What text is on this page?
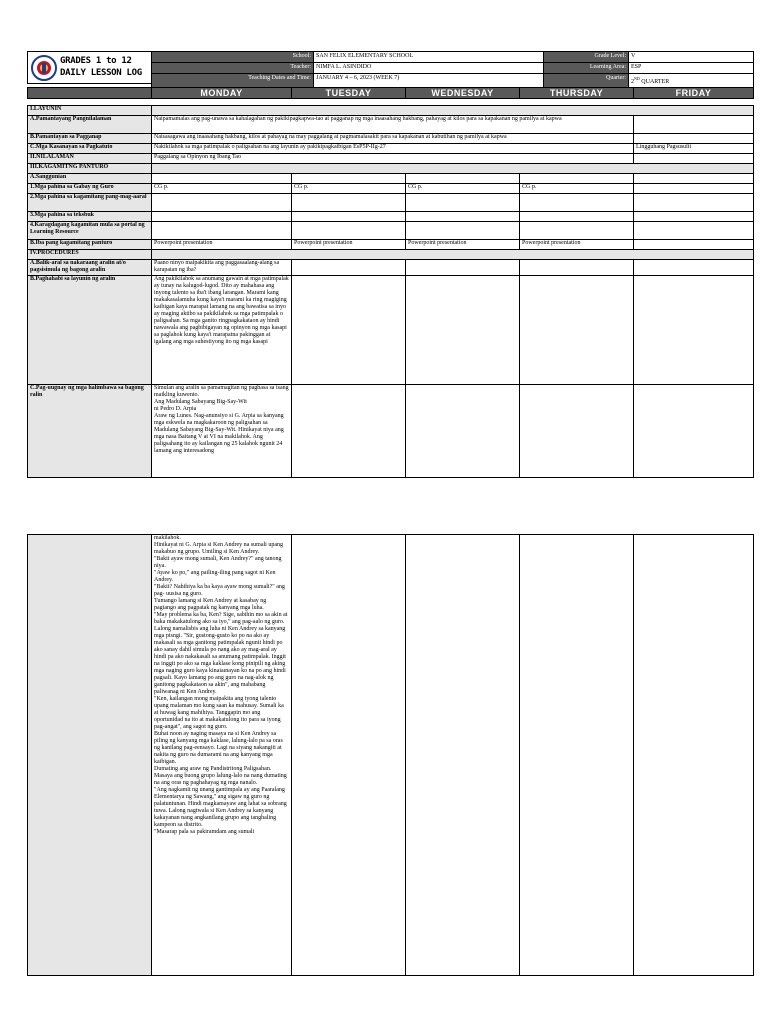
GRADES 1 to 12
DAILY LESSON LOG
School:	SAN FELIX ELEMENTARY SCHOOL	Grade Level:	V
Teacher:	NIMFA L. ASINDIDO	Learning Area:	ESP
Teaching Dates and Time:	JANUARY 4 – 6, 2023 (WEEK 7)	Quarter:	2ND QUARTER
	MONDAY	TUESDAY	WEDNESDAY	THURSDAY	FRIDAY
I.LAYUNIN					
A.Pamantayang Pangnilalaman	Naipamamalas ang pag-unawa sa kahalagahan ng pakikipagkapwa-tao at pagganap ng mga inaasahang hakbang, pahayag at kilos para sa kapakanan ng pamilya at kapwa				
B.Pamantayan sa Pagganap	Naisasagawa ang inaasahang hakbang, kilos at pahayag na may paggalang at pagmamalasakit para sa kapakanan at kabutihan ng pamilya at kapwa				
C.Mga Kasanayan sa Pagkatuto	Nakikilahok sa mga patimpalak o paligsahan na ang layunin ay pakikipagkaibigan EsP5P-IIg-27				Lingguhang Pagsusulit
II.NILALAMAN	Paggalang sa Opinyon ng Ibang Tao				
III.KAGAMITNG PANTURO					
A.Sanggunian					
1.Mga pahina sa Gabay ng Guro	CG p.	CG p.	CG p.	CG p.	
2.Mga pahina sa kagamitang pang-mag-aaral					
3.Mga pahina sa teksbuk					
4.Karagdagang kagamitan mula sa portal ng Learning Resource					
B.Iba pang kagamitang panturo	Powerpoint presentation	Powerpoint presentation	Powerpoint presentation	Powerpoint presentation	
IV.PROCEDURES					
A.Balik-aral sa nakaraang aralin at/o pagsisimula ng bagong aralin	Paano ninyo maipakikita ang paggasaalang-alang sa karapatan ng iba?				
B.Paghahabi sa layunin ng aralin	Ang pakikilahok sa anumang gawain at mga patimpalak ay tunay na kalugod-lugod. Dito ay mahahasa ang inyong talento sa iba't ibang larangan. Marami kang makakasalamuha kung kaya't marami ka ring magiging kaibigan kaya marapat lamang na ang bawatisa sa inyo ay maging aktibo sa pakikilahok sa mga patimpalak o paligsahan. Sa mga ganito ringpagkakataon ay hindi nawawala ang pagbibigayan ng opinyon ng mga kasapi sa paglahok kung kaya't marapatna pakinggan at igalang ang mga suhestiyong ito ng mga kasapi				
C.Pag-uugnay ng mga halimbawa sa bagong ralin	Simulan ang aralin sa pamamagitan ng pagbasa sa isang maikling kuwento.
Ang Madulang Sabayang Big-Say-Wit
ni Pedro D. Arpia
Araw ng Lunes. Nag-anunsiyo si G. Arpia sa kanyang mga eskwela na magkakaroon ng paligsahan sa Madulang Sabayang Big-Say-Wit. Hinikayat niya ang mga nasa Baitang V at VI na makilahok. Ang paligsahang ito ay kailangan ng 25 kalahok ngunit 24 lamang ang interesadong				
	makilahok.
Hinikayat ni G. Arpia si Ken Andrey na sumali upang makabuo ng grupo. Umiling si Ken Andrey.
"Bakit ayaw mong sumali, Ken Andrey?" ang tanong niya.
"Ayaw ko po," ang pailing-iling pang sagot ni Ken Andrey.
"Bakit? Nahihiya ka ba kaya ayaw mong sumali?" ang pag- uusisa ng guro.
Tumango lamang si Ken Andrey at kasabay ng pagtango ang pagpatak ng kanyang mga luha.
"May problema ka ba, Ken? Sige, sabihin mo sa akin at baka makakatulong ako sa iyo," ang pag-aalo ng guro.
Lalong namalisbis ang luha ni Ken Andrey sa kanyang mga pisngi. "Sir, gustong-gusto ko po na ako ay makasali sa mga ganitong patimpalak ngunit hindi po ako sanay dahil simula po nang ako ay mag-aral ay hindi pa ako nakakasali sa anumang patimpalak. Inggit na inggit po ako sa mga kaklase kong pinipili ng aking mga naging guro kaya kinaiaınayan ko na po ang hindi pagsali. Kayo lamang po ang guro na nag-alok ng ganitong pagkakataon sa akin", ang mahabang paliwanag ni Ken Andrey.
"Ken, kailangan mong maipakita ang iyong talento upang malaman mo kung saan ka mahusay. Sumali ka at huwag kang mahihiya. Tanggapin mo ang oportunidad na ito at makakatulong ito para sa iyong pag-angat", ang sagot ng guro.
Buhat noon ay naging masaya na si Ken Andrey sa piling ng kanyang mga kaklase, lalung-lalo pa sa oras ng kanilang pag-eensayo. Lagi na siyang nakangiti at nakita ng guro na dumarami na ang kanyang mga kaibigan.
Dumating ang araw ng Pandistritong Paligsahan. Masaya ang buong grupo lalung-lalo na nang dumating na ang oras ng paghahayag ng mga nanalo.
"Ang nagkamit ng unang gantimpala ay ang Paaralang Elementarya ng Sawang," ang sigaw ng guro ng palatuntunan. Hindi magkamayaw ang lahat sa sobrang tuwa. Lalong nagtwala si Ken Andrey sa kanyang kakayanan nang angkanilang grupo ang tanghaling kampeon sa distrito.
"Masarap pala sa pakiramdam ang sumali				
